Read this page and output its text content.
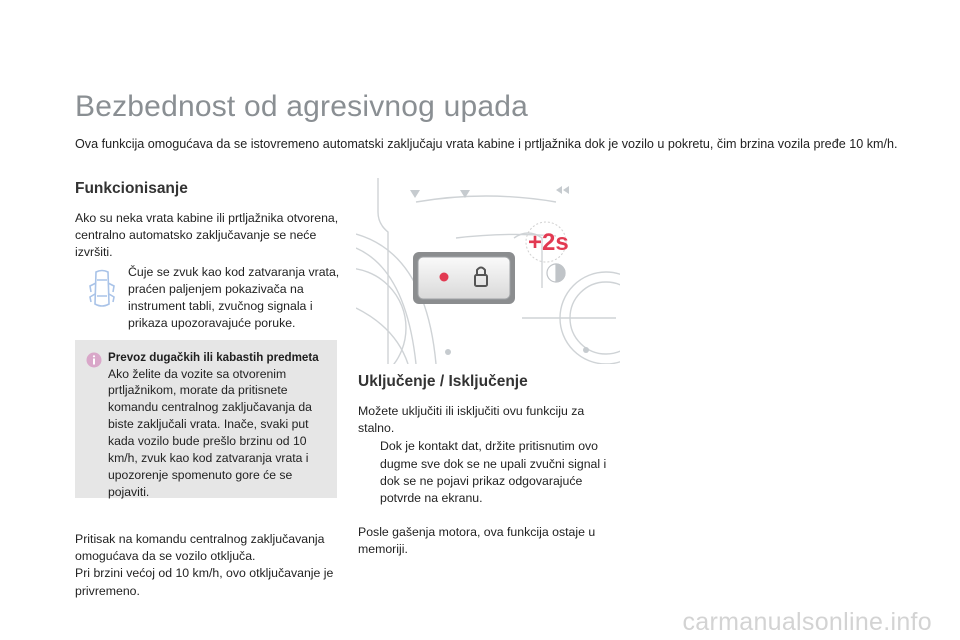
Bezbednost od agresivnog upada
Ova funkcija omogućava da se istovremeno automatski zaključaju vrata kabine i prtljažnika dok je vozilo u pokretu, čim brzina vozila pređe 10 km/h.
Funkcionisanje

Ako su neka vrata kabine ili prtljažnika otvorena, centralno automatsko zaključavanje se neće izvršiti.

Čuje se zvuk kao kod zatvaranja vrata, praćen paljenjem pokazivača na instrument tabli, zvučnog signala i prikaza upozoravajuće poruke.

Prevoz dugačkih ili kabastih predmeta

Ako želite da vozite sa otvorenim prtljažnikom, morate da pritisnete komandu centralnog zaključavanja da biste zaključali vrata. Inače, svaki put kada vozilo bude prešlo brzinu od 10 km/h, zvuk kao kod zatvaranja vrata i upozorenje spomenuto gore će se pojaviti.

Pritisak na komandu centralnog zaključavanja omogućava da se vozilo otključa.

Pri brzini većoj od 10 km/h, ovo otključavanje je privremeno.

+2s
Uključenje / Isključenje

Možete uključiti ili isključiti ovu funkciju za stalno.

Dok je kontakt dat, držite pritisnutim ovo dugme sve dok se ne upali zvučni signal i dok se ne pojavi prikaz odgovarajuće potvrde na ekranu.

Posle gašenja motora, ova funkcija ostaje u memoriji.

carmanualsonline.info
